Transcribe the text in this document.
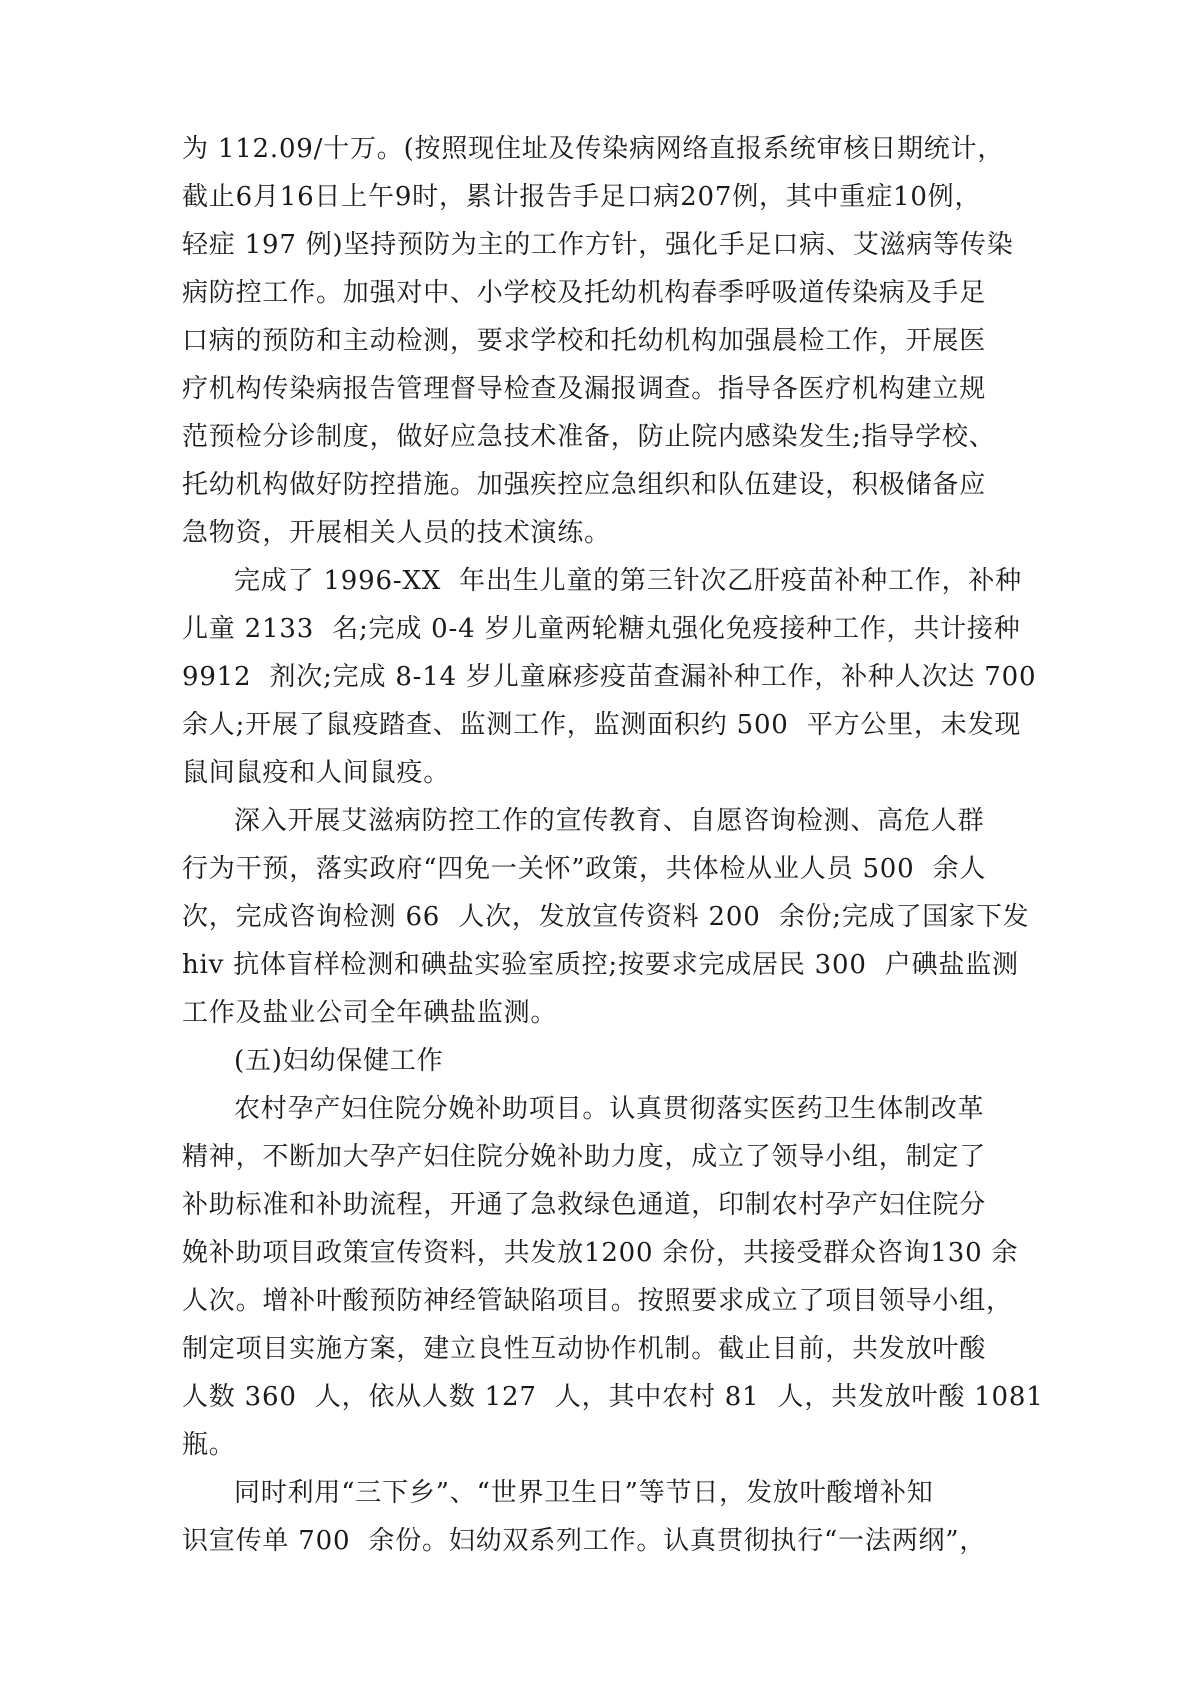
为 112.09/十万。(按照现住址及传染病网络直报系统审核日期统计，

截止6月16日上午9时，累计报告手足口病207例，其中重症10例，

轻症 197 例)坚持预防为主的工作方针，强化手足口病、艾滋病等传染

病防控工作。加强对中、小学校及托幼机构春季呼吸道传染病及手足

口病的预防和主动检测，要求学校和托幼机构加强晨检工作，开展医

疗机构传染病报告管理督导检查及漏报调查。指导各医疗机构建立规

范预检分诊制度，做好应急技术准备，防止院内感染发生;指导学校、

托幼机构做好防控措施。加强疾控应急组织和队伍建设，积极储备应

急物资，开展相关人员的技术演练。

完成了 1996-XX  年出生儿童的第三针次乙肝疫苗补种工作，补种

儿童 2133  名;完成 0-4 岁儿童两轮糖丸强化免疫接种工作，共计接种

9912  剂次;完成 8-14 岁儿童麻疹疫苗查漏补种工作，补种人次达 700

余人;开展了鼠疫踏查、监测工作，监测面积约 500  平方公里，未发现

鼠间鼠疫和人间鼠疫。

深入开展艾滋病防控工作的宣传教育、自愿咨询检测、高危人群

行为干预，落实政府“四免一关怀”政策，共体检从业人员 500  余人

次，完成咨询检测 66  人次，发放宣传资料 200  余份;完成了国家下发

hiv 抗体盲样检测和碘盐实验室质控;按要求完成居民 300  户碘盐监测

工作及盐业公司全年碘盐监测。

(五)妇幼保健工作

农村孕产妇住院分娩补助项目。认真贯彻落实医药卫生体制改革

精神，不断加大孕产妇住院分娩补助力度，成立了领导小组，制定了

补助标准和补助流程，开通了急救绿色通道，印制农村孕产妇住院分

娩补助项目政策宣传资料，共发放1200 余份，共接受群众咨询130 余

人次。增补叶酸预防神经管缺陷项目。按照要求成立了项目领导小组，

制定项目实施方案，建立良性互动协作机制。截止目前，共发放叶酸

人数 360  人，依从人数 127  人，其中农村 81  人，共发放叶酸 1081

瓶。

同时利用“三下乡”、“世界卫生日”等节日，发放叶酸增补知

识宣传单 700  余份。妇幼双系列工作。认真贯彻执行“一法两纲”，
